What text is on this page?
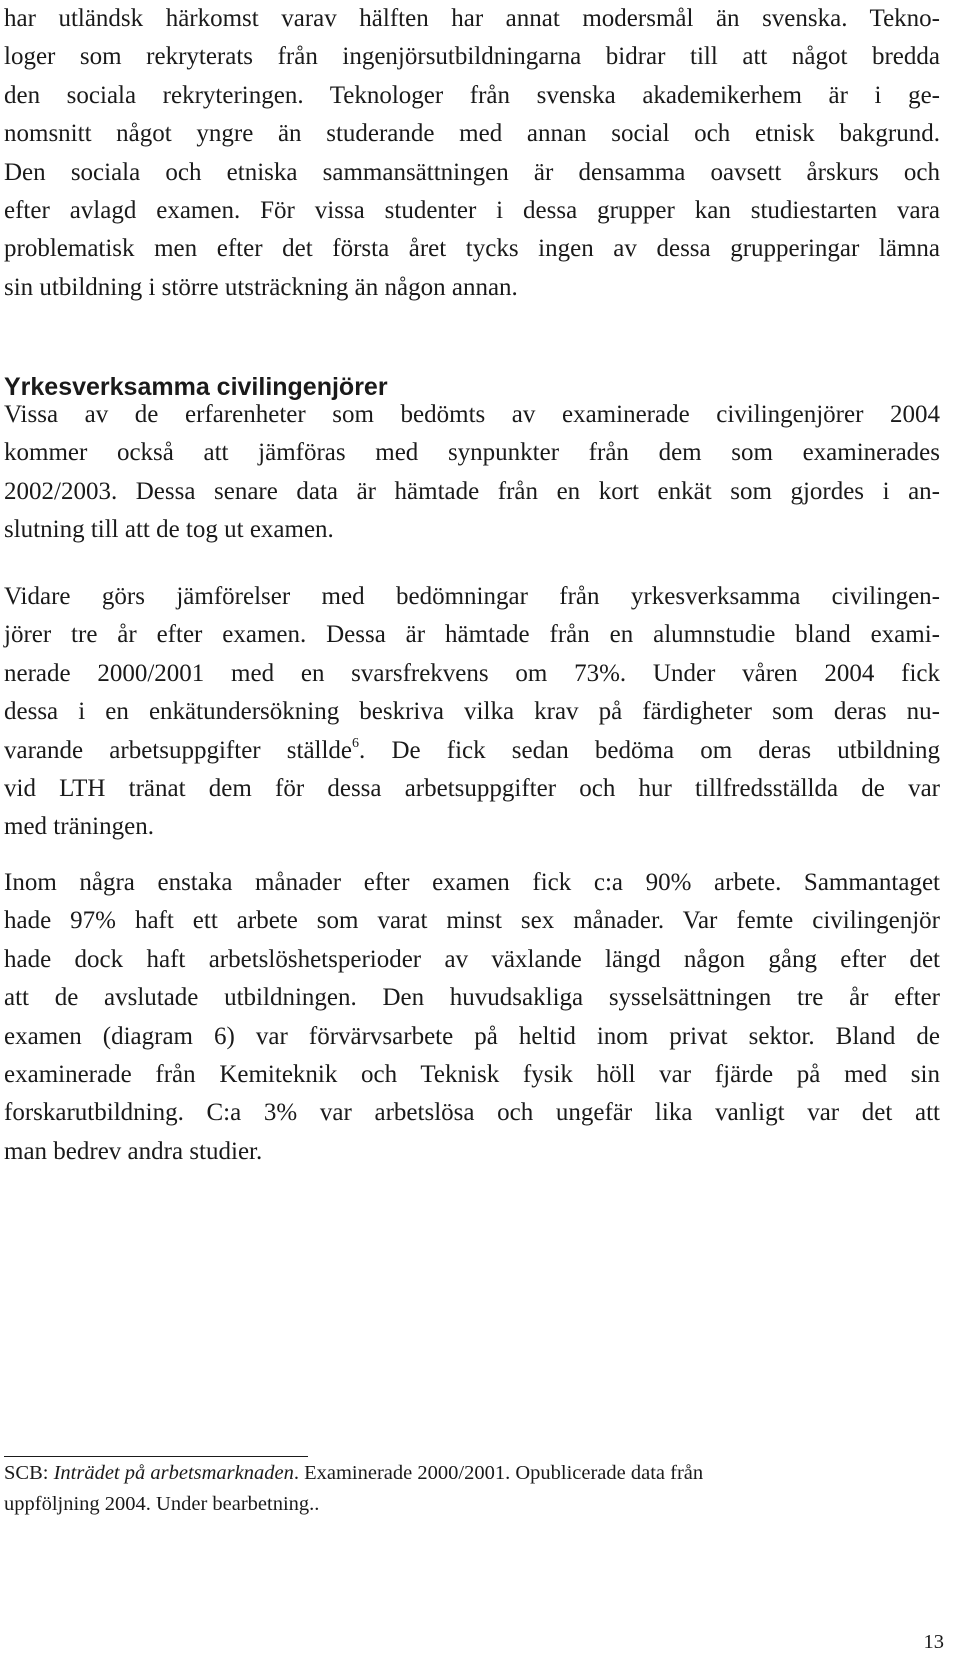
har utländsk härkomst varav hälften har annat modersmål än svenska. Tekno-
loger som rekryterats från ingenjörsutbildningarna bidrar till att något bredda
den sociala rekryteringen. Teknologer från svenska akademikerhem är i ge-
nomsnitt något yngre än studerande med annan social och etnisk bakgrund.
Den sociala och etniska sammansättningen är densamma oavsett årskurs och
efter avlagd examen. För vissa studenter i dessa grupper kan studiestarten vara
problematisk men efter det första året tycks ingen av dessa grupperingar lämna
sin utbildning i större utsträckning än någon annan.

Yrkesverksamma civilingenjörer

Vissa av de erfarenheter som bedömts av examinerade civilingenjörer 2004
kommer också att jämföras med synpunkter från dem som examinerades
2002/2003. Dessa senare data är hämtade från en kort enkät som gjordes i an-
slutning till att de tog ut examen.

Vidare görs jämförelser med bedömningar från yrkesverksamma civilingen-
jörer tre år efter examen. Dessa är hämtade från en alumnstudie bland exami-
nerade 2000/2001 med en svarsfrekvens om 73%. Under våren 2004 fick
dessa i en enkätundersökning beskriva vilka krav på färdigheter som deras nu-
varande arbetsuppgifter ställde$^6$. De fick sedan bedöma om deras utbildning
vid LTH tränat dem för dessa arbetsuppgifter och hur tillfredsställda de var
med träningen.

Inom några enstaka månader efter examen fick c:a 90% arbete. Sammantaget
hade 97% haft ett arbete som varat minst sex månader. Var femte civilingenjör
hade dock haft arbetslöshetsperioder av växlande längd någon gång efter det
att de avslutade utbildningen. Den huvudsakliga sysselsättningen tre år efter
examen (diagram 6) var förvärvsarbete på heltid inom privat sektor. Bland de
examinerade från Kemiteknik och Teknisk fysik höll var fjärde på med sin
forskarutbildning. C:a 3% var arbetslösa och ungefär lika vanligt var det att
man bedrev andra studier.

SCB: Inträdet på arbetsmarknaden. Examinerade 2000/2001. Opublicerade data från
uppföljning 2004. Under bearbetning..

13
